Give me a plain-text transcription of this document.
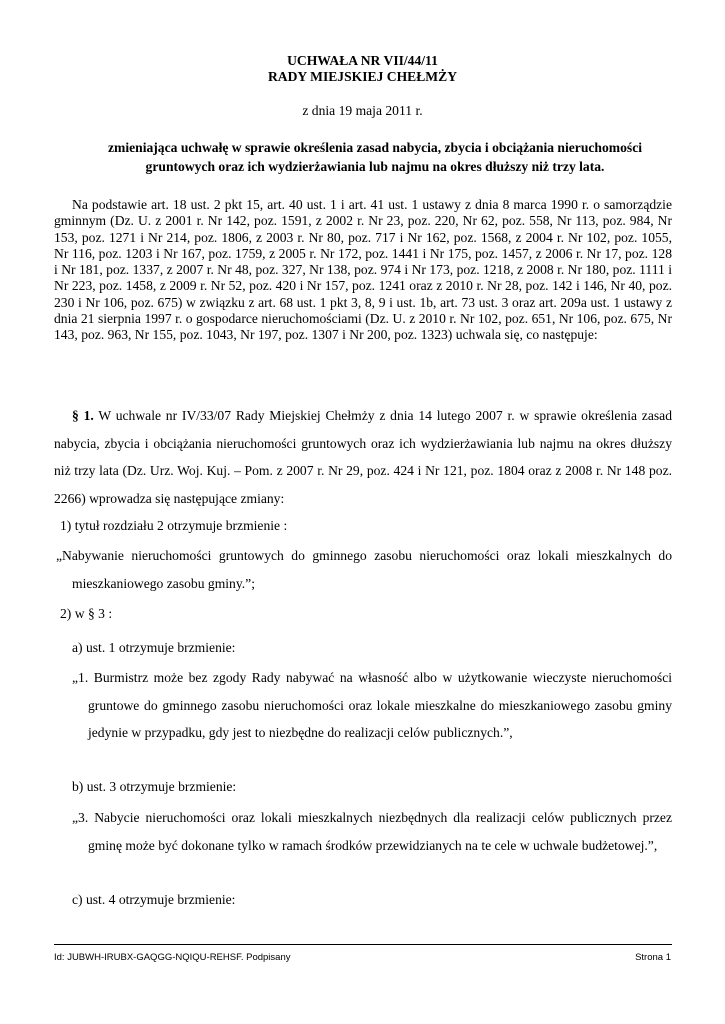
UCHWAŁA NR VII/44/11
RADY MIEJSKIEJ CHEŁMŻY
z dnia 19 maja 2011 r.
zmieniająca uchwałę w sprawie określenia zasad nabycia, zbycia i obciążania nieruchomości gruntowych oraz ich wydzierżawiania lub najmu na okres dłuższy niż trzy lata.
Na podstawie art. 18 ust. 2 pkt 15, art. 40 ust. 1 i art. 41 ust. 1 ustawy z dnia 8 marca 1990 r. o samorządzie gminnym (Dz. U. z 2001 r. Nr 142, poz. 1591, z 2002 r. Nr 23, poz. 220, Nr 62, poz. 558, Nr 113, poz. 984, Nr 153, poz. 1271 i Nr 214, poz. 1806, z 2003 r. Nr 80, poz. 717 i Nr 162, poz. 1568, z 2004 r. Nr 102, poz. 1055, Nr 116, poz. 1203 i Nr 167, poz. 1759, z 2005 r. Nr 172, poz. 1441 i Nr 175, poz. 1457, z 2006 r. Nr 17, poz. 128 i Nr 181, poz. 1337, z 2007 r. Nr 48, poz. 327, Nr 138, poz. 974 i Nr 173, poz. 1218, z 2008 r. Nr 180, poz. 1111 i Nr 223, poz. 1458, z 2009 r. Nr 52, poz. 420 i Nr 157, poz. 1241 oraz z 2010 r. Nr 28, poz. 142 i 146, Nr 40, poz. 230 i Nr 106, poz. 675) w związku z art. 68 ust. 1 pkt 3, 8, 9 i ust. 1b, art. 73 ust. 3 oraz art. 209a ust. 1 ustawy z dnia 21 sierpnia 1997 r. o gospodarce nieruchomościami (Dz. U. z 2010 r. Nr 102, poz. 651, Nr 106, poz. 675, Nr 143, poz. 963, Nr 155, poz. 1043, Nr 197, poz. 1307 i Nr 200, poz. 1323) uchwala się, co następuje:
§ 1. W uchwale nr IV/33/07 Rady Miejskiej Chełmży z dnia 14 lutego 2007 r. w sprawie określenia zasad nabycia, zbycia i obciążania nieruchomości gruntowych oraz ich wydzierżawiania lub najmu na okres dłuższy niż trzy lata (Dz. Urz. Woj. Kuj. – Pom. z 2007 r. Nr 29, poz. 424 i Nr 121, poz. 1804 oraz z 2008 r. Nr 148 poz. 2266) wprowadza się następujące zmiany:
1) tytuł rozdziału 2 otrzymuje brzmienie :
„Nabywanie nieruchomości gruntowych do gminnego zasobu nieruchomości oraz lokali mieszkalnych do mieszkaniowego zasobu gminy.”;
2) w § 3 :
a) ust. 1 otrzymuje brzmienie:
„1. Burmistrz może bez zgody Rady nabywać na własność albo w użytkowanie wieczyste nieruchomości gruntowe do gminnego zasobu nieruchomości oraz lokale mieszkalne do mieszkaniowego zasobu gminy jedynie w przypadku, gdy jest to niezbędne do realizacji celów publicznych.”,
b) ust. 3 otrzymuje brzmienie:
„3. Nabycie nieruchomości oraz lokali mieszkalnych niezbędnych dla realizacji celów publicznych przez gminę może być dokonane tylko w ramach środków przewidzianych na te cele w uchwale budżetowej.”,
c) ust. 4 otrzymuje brzmienie:
Id: JUBWH-IRUBX-GAQGG-NQIQU-REHSF. Podpisany	Strona 1
